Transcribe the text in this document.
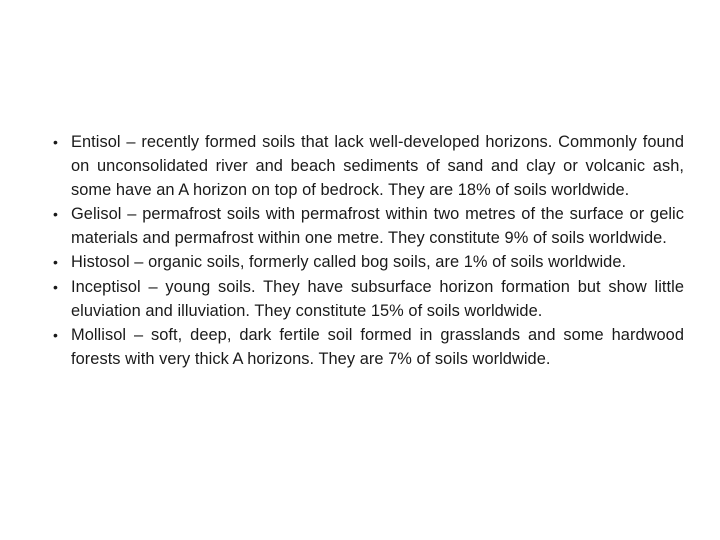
• Entisol – recently formed soils that lack well-developed horizons. Commonly found on unconsolidated river and beach sediments of sand and clay or volcanic ash, some have an A horizon on top of bedrock. They are 18% of soils worldwide.
• Gelisol – permafrost soils with permafrost within two metres of the surface or gelic materials and permafrost within one metre. They constitute 9% of soils worldwide.
• Histosol – organic soils, formerly called bog soils, are 1% of soils worldwide.
• Inceptisol – young soils. They have subsurface horizon formation but show little eluviation and illuviation. They constitute 15% of soils worldwide.
• Mollisol – soft, deep, dark fertile soil formed in grasslands and some hardwood forests with very thick A horizons. They are 7% of soils worldwide.
